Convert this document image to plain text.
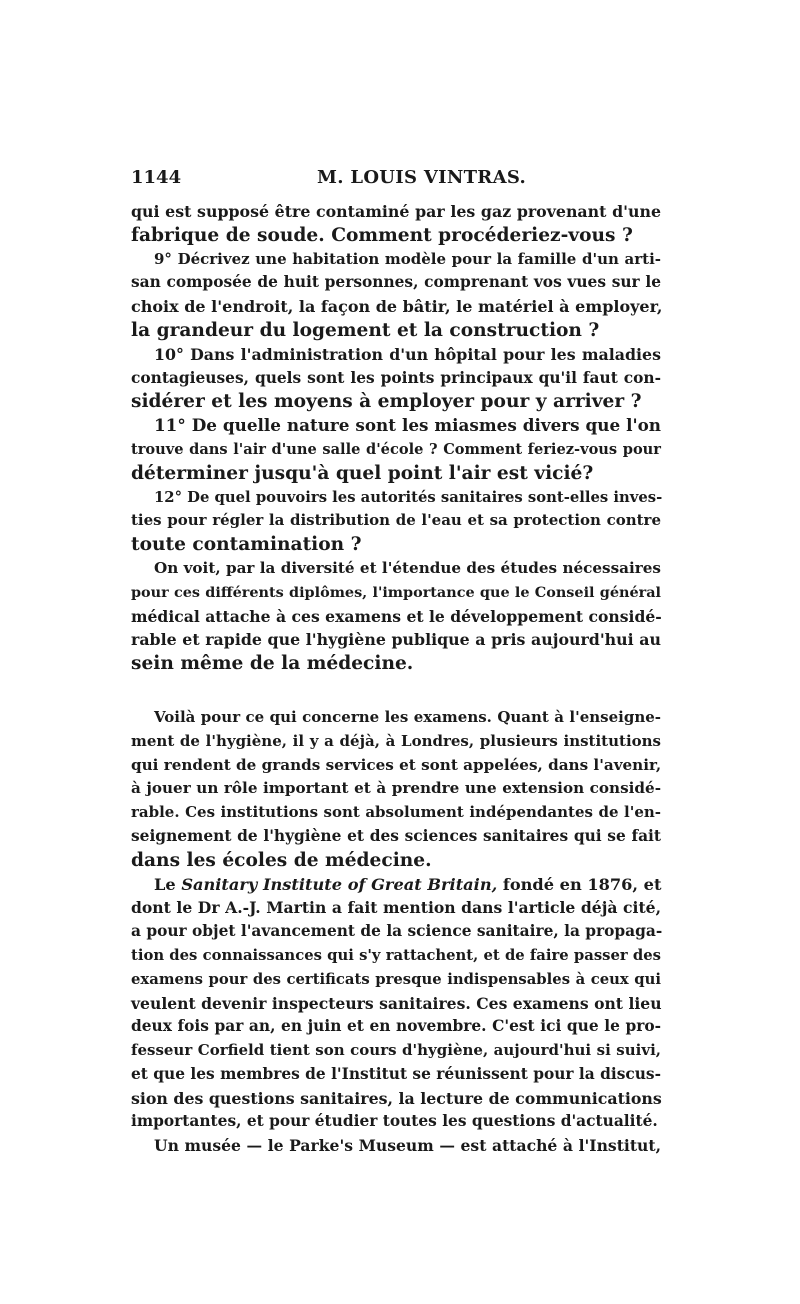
1144	M. LOUIS VINTRAS.
qui est supposé être contaminé par les gaz provenant d'une
fabrique de soude. Comment procéderiez-vous ?
9° Décrivez une habitation modèle pour la famille d'un arti-
san composée de huit personnes, comprenant vos vues sur le
choix de l'endroit, la façon de bâtir, le matériel à employer,
la grandeur du logement et la construction ?
10° Dans l'administration d'un hôpital pour les maladies
contagieuses, quels sont les points principaux qu'il faut con-
sidérer et les moyens à employer pour y arriver ?
11° De quelle nature sont les miasmes divers que l'on
trouve dans l'air d'une salle d'école ? Comment feriez-vous pour
déterminer jusqu'à quel point l'air est vicié?
12° De quel pouvoirs les autorités sanitaires sont-elles inves-
ties pour régler la distribution de l'eau et sa protection contre
toute contamination ?
On voit, par la diversité et l'étendue des études nécessaires
pour ces différents diplômes, l'importance que le Conseil général
médical attache à ces examens et le développement considé-
rable et rapide que l'hygiène publique a pris aujourd'hui au
sein même de la médecine.
Voilà pour ce qui concerne les examens. Quant à l'enseigne-
ment de l'hygiène, il y a déjà, à Londres, plusieurs institutions
qui rendent de grands services et sont appelées, dans l'avenir,
à jouer un rôle important et à prendre une extension considé-
rable. Ces institutions sont absolument indépendantes de l'en-
seignement de l'hygiène et des sciences sanitaires qui se fait
dans les écoles de médecine.
Le Sanitary Institute of Great Britain, fondé en 1876, et
dont le Dr A.-J. Martin a fait mention dans l'article déjà cité,
a pour objet l'avancement de la science sanitaire, la propaga-
tion des connaissances qui s'y rattachent, et de faire passer des
examens pour des certificats presque indispensables à ceux qui
veulent devenir inspecteurs sanitaires. Ces examens ont lieu
deux fois par an, en juin et en novembre. C'est ici que le pro-
fesseur Corfield tient son cours d'hygiène, aujourd'hui si suivi,
et que les membres de l'Institut se réunissent pour la discus-
sion des questions sanitaires, la lecture de communications
importantes, et pour étudier toutes les questions d'actualité.
Un musée — le Parke's Museum — est attaché à l'Institut,
